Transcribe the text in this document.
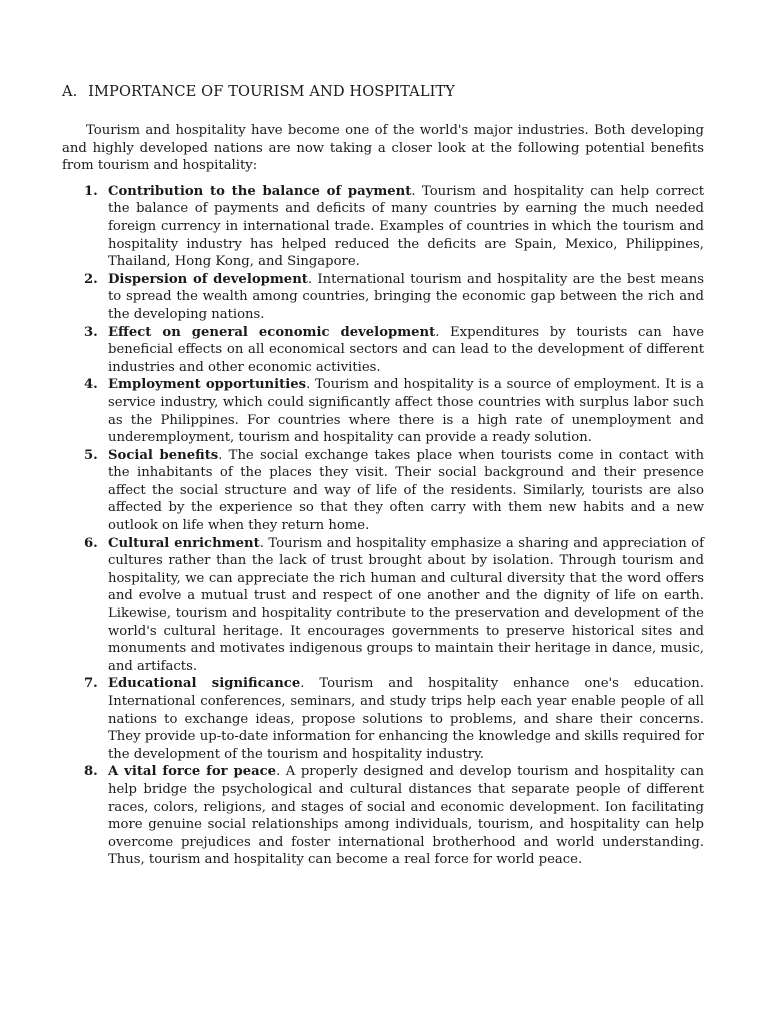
A. IMPORTANCE OF TOURISM AND HOSPITALITY

Tourism and hospitality have become one of the world's major industries. Both developing and highly developed nations are now taking a closer look at the following potential benefits from tourism and hospitality:

1. Contribution to the balance of payment. Tourism and hospitality can help correct the balance of payments and deficits of many countries by earning the much needed foreign currency in international trade. Examples of countries in which the tourism and hospitality industry has helped reduced the deficits are Spain, Mexico, Philippines, Thailand, Hong Kong, and Singapore.
2. Dispersion of development. International tourism and hospitality are the best means to spread the wealth among countries, bringing the economic gap between the rich and the developing nations.
3. Effect on general economic development. Expenditures by tourists can have beneficial effects on all economical sectors and can lead to the development of different industries and other economic activities.
4. Employment opportunities. Tourism and hospitality is a source of employment. It is a service industry, which could significantly affect those countries with surplus labor such as the Philippines. For countries where there is a high rate of unemployment and underemployment, tourism and hospitality can provide a ready solution.
5. Social benefits. The social exchange takes place when tourists come in contact with the inhabitants of the places they visit. Their social background and their presence affect the social structure and way of life of the residents. Similarly, tourists are also affected by the experience so that they often carry with them new habits and a new outlook on life when they return home.
6. Cultural enrichment. Tourism and hospitality emphasize a sharing and appreciation of cultures rather than the lack of trust brought about by isolation. Through tourism and hospitality, we can appreciate the rich human and cultural diversity that the word offers and evolve a mutual trust and respect of one another and the dignity of life on earth. Likewise, tourism and hospitality contribute to the preservation and development of the world's cultural heritage. It encourages governments to preserve historical sites and monuments and motivates indigenous groups to maintain their heritage in dance, music, and artifacts.
7. Educational significance. Tourism and hospitality enhance one's education. International conferences, seminars, and study trips help each year enable people of all nations to exchange ideas, propose solutions to problems, and share their concerns. They provide up-to-date information for enhancing the knowledge and skills required for the development of the tourism and hospitality industry.
8. A vital force for peace. A properly designed and develop tourism and hospitality can help bridge the psychological and cultural distances that separate people of different races, colors, religions, and stages of social and economic development. Ion facilitating more genuine social relationships among individuals, tourism, and hospitality can help overcome prejudices and foster international brotherhood and world understanding. Thus, tourism and hospitality can become a real force for world peace.
